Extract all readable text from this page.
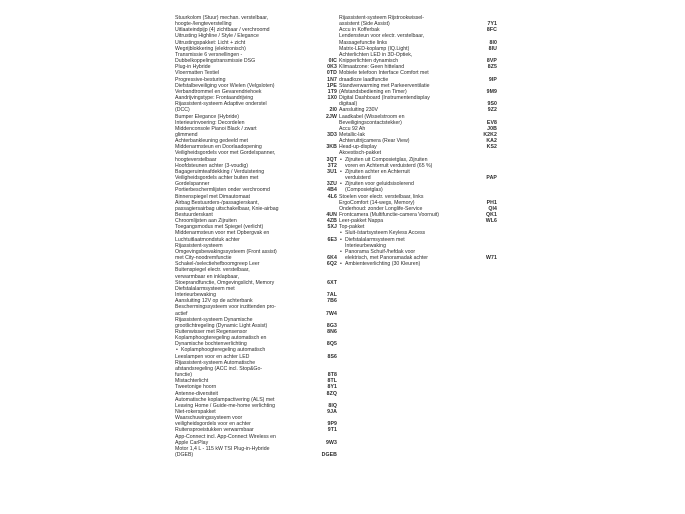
Stuurkolom (Stuur) mechan. verstelbaar,
hoogte-/lengteverstelling
Uitlaateindpijp (4) zichtbaar / verchroomd
Uitrusting Highline / Style / Elegance
Uitrustingspakket: Licht + zicht
Wegrijblokkering (elektronisch)
Transmissie 6 versnellingen -
Dubbelkoppelingstransmissie DSG	0IC
Plug-in Hybride	0K3
Vloermatten Textiel	0TD
Progressive-besturing	1N7
Diefstalbeveiliging voor Wielen (Velgsloten)	1PE
Verbandtrommel en Gevarendriehoek	1T9
Aandrijvingstype: Frontaandrijving	1X0
Rijassistent-systeem Adaptive onderstel
(DCC)	2I0
Bumper Elegance (Hybride)	2JW
Interieurinvoering: Decordelen
Middenconsole Pianoi Black / zwart
glimmend	3D3
Achterbankleuning gedeeld met
Middenarmsteun en Doorlaadopening	3KB
Veiligheidsgordels voor met Gordelspanner,
hoogteverstelbaar	3QT
Hoofdsteunen achter (3-voudig)	3T2
Bagageruimteafdekking / Verduistering	3U1
Veiligheidsgordels achter buiten met
Gordelspanner	3ZU
Portierbeschermlijsten onder verchroomd	4B4
Binnenspiegel met Dimautomaat	4L6
Airbag Bestuurders-/passagierskant,
passagiersairbag uitschakelbaar, Knie-airbag
Bestuurderskant	4UN
Chroomlijsten aan Zijruiten	4ZB
Toegangsmodus met Spiegel (verlicht)	5XJ
Middenarmsteun voor met Opbergvak en
Luchtuitlaatmondstuk achter	6E3
Rijassistent-systeem
Omgevingsbewakingssysteem (Front assist)
met City-noodremfunctie	6K4
Schakel-/selectiehefboomgreep Leer	6Q2
Buitenspiegel electr. verstelbaar,
verwarmbaar en inklapbaar,
Stoeprandfunctie, Omgevingslicht, Memory	6XT
Diefstalalarmsysteem met
Interieurbewaking	7AL
Aansluiting 12V op de achterbank	7B6
Beschermingssysteem voor inzittenden pro-
actief	7W4
Rijassistent-systeem Dynamische
grootlichtregeling (Dynamic Light Assist)	8G3
Ruitenwisser met Regensensor	8N6
Koplamphoogteregeling automatisch en
Dynamische bochtenverlichting	8Q5
• Koplamphoogteregeling automatisch
Leeslampen voor en achter LED	8S6
Rijassistent-systeem Automatische
afstandsregeling (ACC incl. Stop&Go-
functie)	8T8
Mistachterlicht	8TL
Tweetonige hoorn	8Y1
Antenne-diversiteit	8ZQ
Automatische koplampactivering (ALS) met
Leaving Home / Guide-me-home verlichting	8IQ
Niet-rokerspakket	9JA
Waarschuwingssysteem voor
veiligheidsgordels voor en achter	9P9
Ruitensproeistukken verwarmbaar	9T1
App-Connect incl. App-Connect Wireless en
Apple CarPlay	9W3
Motor 1,4 L - 115 kW TSI Plug-in-Hybride
(DGEB)	DGEB
Rijassistent-systeem Rijstrookwissel-
assistent (Side Assist)	7Y1
Accu in Kofferbak	8FC
Lendensteun voor electr. verstelbaar,
Massagefunctie links	8I0
Matrix-LED-koplamp (IQ.Light)	8IU
Achterlichten LED in 3D-Optiek,
Knipperlichten dynamisch	8VP
Klimaatzone: Geen hitteland	8Z5
Mobiele telefoon Interface Comfort met
draadloze laadfunctie	9IP
Standverwarming met Parkeerventilatie
(Afstandsbediening en Timer)	9M9
Digital Dashboard (Instrumentendisplay
digitaal)	9S0
Aansluiting 230V	9Z2
Laadkabel (Wisselstroom en
Beveiligingscontactstekker)	EV8
Accu 92 Ah	J0B
Metallic-lak	K2K2
Achteruitrijcamera (Rear View)	KA2
Head-up-display	KS2
Akoestisch-pakket
• Zijruiten uit Composietglas, Zijruiten
voren en Achterruit verduisterd (65 %)
• Zijruiten achter en Achterruit
verduisterd	PAP
• Zijruiten voor geluidsisolerend
(Composietglas)
Stoelen voor electr. verstelbaar, links
ErgoComfort (14-wegs, Memory)	PH1
Onderhoud: zonder Longlife-Service	QI4
Frontcamera (Multifunctie-camera Voornuit)	QK1
Leer-pakket Nappa	WL6
Top-pakket
• Sluit-/startsysteem Keyless Access
• Diefstalalarmsysteem met
Interieurbewaking
• Panorama Schuif-/hefdak voor
elektrisch, met Panoramadak achter	W71
• Ambienteverlichting (30 Kleuren)
